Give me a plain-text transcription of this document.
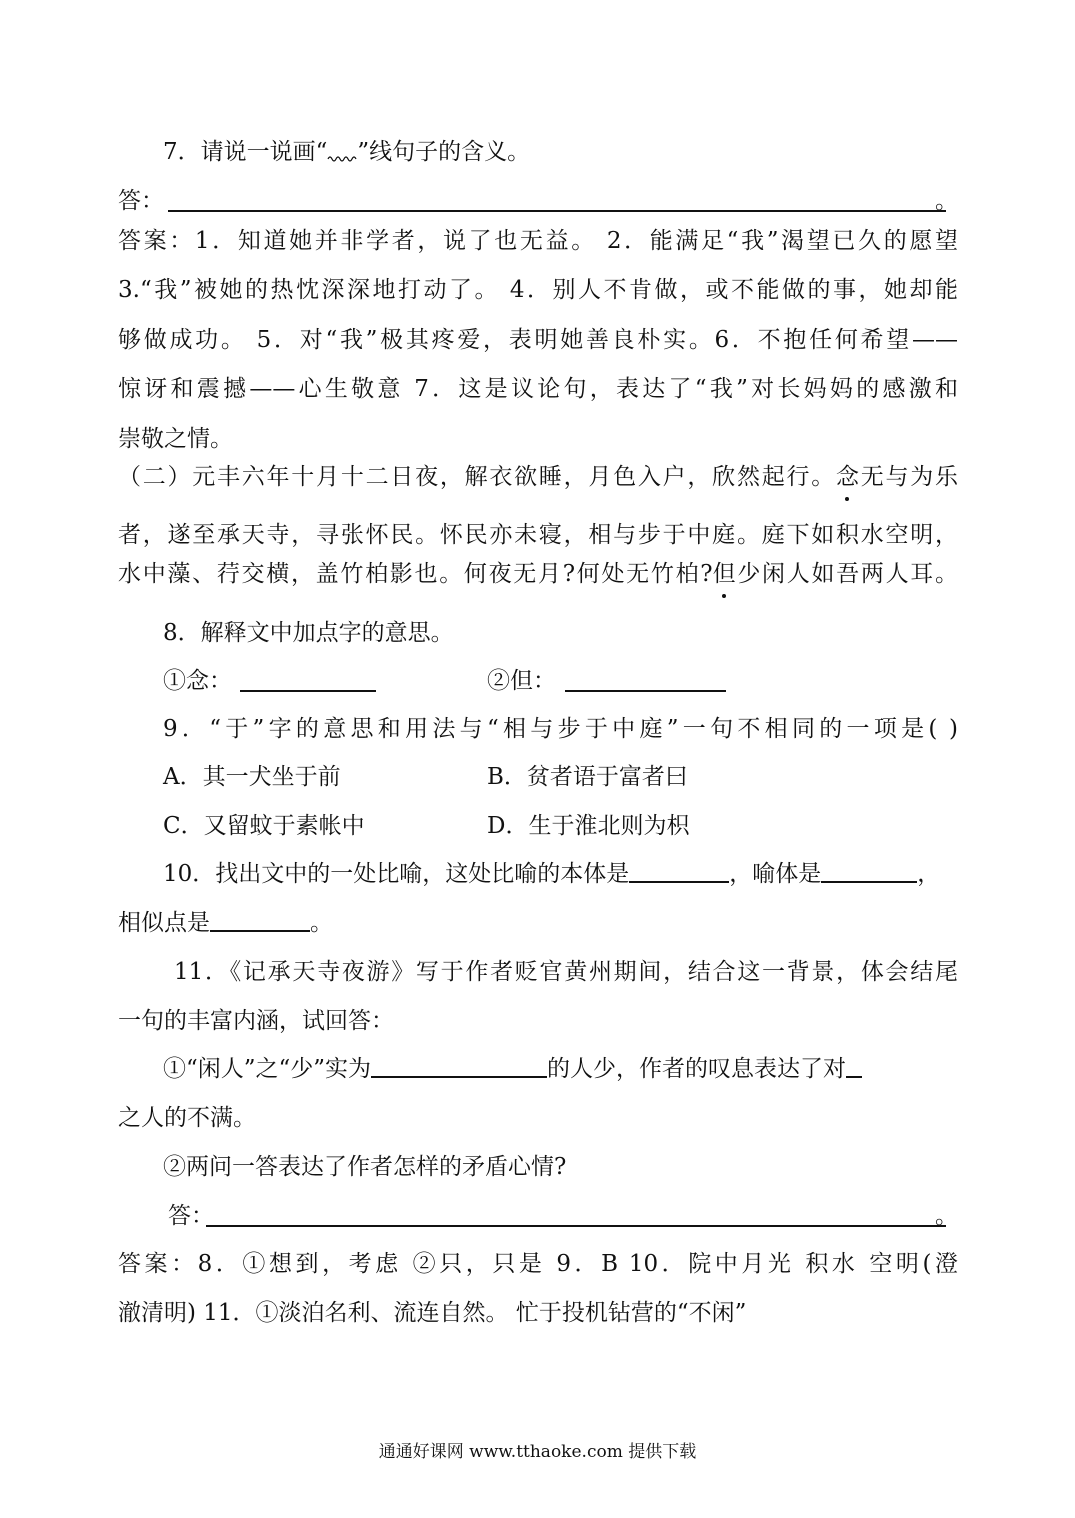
7．请说一说画“ ”线句子的含义。
答：	。
答案：1．知道她并非学者，说了也无益。 2．能满足“我”渴望已久的愿望
3.“我”被她的热忱深深地打动了。 4．别人不肯做，或不能做的事，她却能
够做成功。 5．对“我”极其疼爱，表明她善良朴实。6．不抱任何希望——
惊讶和震撼——心生敬意 7．这是议论句，表达了“我”对长妈妈的感激和
崇敬之情。
（二）元丰六年十月十二日夜，解衣欲睡，月色入户，欣然起行。念无与为乐
者，遂至承天寺，寻张怀民。怀民亦未寝，相与步于中庭。庭下如积水空明，
水中藻、荇交横，盖竹柏影也。何夜无月?何处无竹柏?但少闲人如吾两人耳。
8．解释文中加点字的意思。
①念：	②但：
9．“于”字的意思和用法与“相与步于中庭”一句不相同的一项是( )
A．其一犬坐于前	B．贫者语于富者曰
C．又留蚊于素帐中	D．生于淮北则为枳
10．找出文中的一处比喻，这处比喻的本体是	，喻体是	，
相似点是	。
11．《记承天寺夜游》写于作者贬官黄州期间，结合这一背景，体会结尾
一句的丰富内涵，试回答：
①“闲人”之“少”实为	的人少，作者的叹息表达了对
之人的不满。
②两问一答表达了作者怎样的矛盾心情?
答：	。
答案：8．①想到，考虑 ②只，只是 9．B 10．院中月光 积水 空明(澄
澈清明) 11．①淡泊名利、流连自然。 忙于投机钻营的“不闲”
通通好课网 www.tthaoke.com 提供下载
